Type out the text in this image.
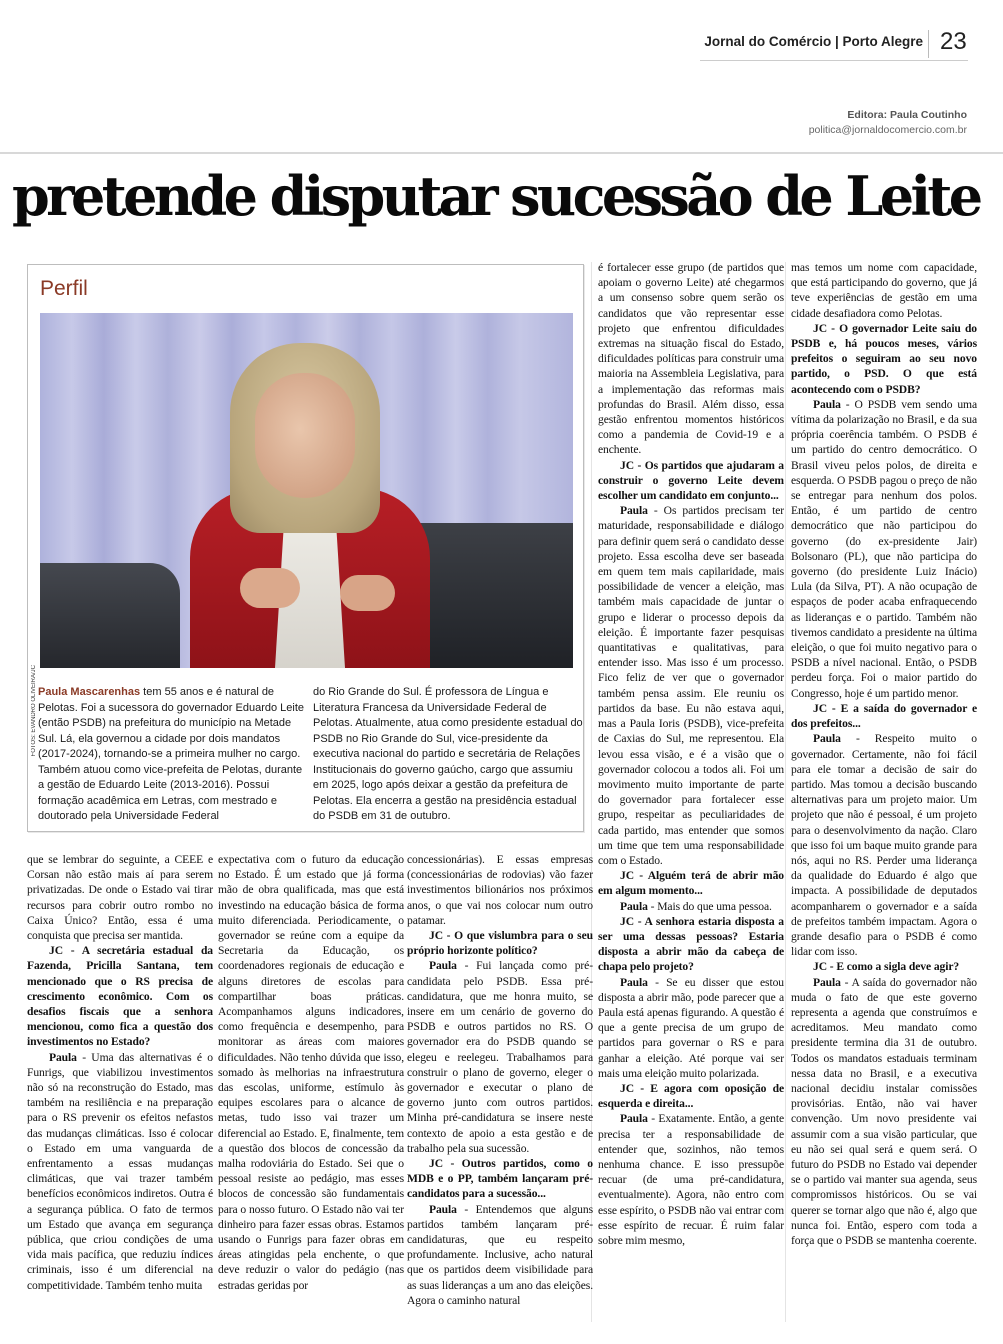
Jornal do Comércio | Porto Alegre 23
Editora: Paula Coutinho
politica@jornaldocomercio.com.br
pretende disputar sucessão de Leite
Perfil
FOTOS: EVANDRO OLIVEIRA/JC Paula Mascarenhas tem 55 anos e é natural de Pelotas. Foi a sucessora do governador Eduardo Leite (então PSDB) na prefeitura do município na Metade Sul. Lá, ela governou a cidade por dois mandatos (2017-2024), tornando-se a primeira mulher no cargo. Também atuou como vice-prefeita de Pelotas, durante a gestão de Eduardo Leite (2013-2016). Possui formação acadêmica em Letras, com mestrado e doutorado pela Universidade Federal

do Rio Grande do Sul. É professora de Língua e Literatura Francesa da Universidade Federal de Pelotas. Atualmente, atua como presidente estadual do PSDB no Rio Grande do Sul, vice-presidente da executiva nacional do partido e secretária de Relações Institucionais do governo gaúcho, cargo que assumiu em 2025, logo após deixar a gestão da prefeitura de Pelotas. Ela encerra a gestão na presidência estadual do PSDB em 31 de outubro.

que se lembrar do seguinte, a CEEE e Corsan não estão mais aí para serem privatizadas. De onde o Estado vai tirar recursos para cobrir outro rombo no Caixa Único? Então, essa é uma conquista que precisa ser mantida.

JC - A secretária estadual da Fazenda, Pricilla Santana, tem mencionado que o RS precisa de crescimento econômico. Com os desafios fiscais que a senhora mencionou, como fica a questão dos investimentos no Estado?

Paula - Uma das alternativas é o Funrigs, que viabilizou investimentos não só na reconstrução do Estado, mas também na resiliência e na preparação para o RS prevenir os efeitos nefastos das mudanças climáticas. Isso é colocar o Estado em uma vanguarda de enfrentamento a essas mudanças climáticas, que vai trazer também benefícios econômicos indiretos. Outra é a segurança pública. O fato de termos um Estado que avança em segurança pública, que criou condições de uma vida mais pacífica, que reduziu índices criminais, isso é um diferencial na competitividade. Também tenho muita

expectativa com o futuro da educação no Estado. É um estado que já forma mão de obra qualificada, mas que está investindo na educação básica de forma muito diferenciada. Periodicamente, o governador se reúne com a equipe da Secretaria da Educação, os coordenadores regionais de educação e alguns diretores de escolas para compartilhar boas práticas. Acompanhamos alguns indicadores, como frequência e desempenho, para monitorar as áreas com maiores dificuldades. Não tenho dúvida que isso, somado às melhorias na infraestrutura das escolas, uniforme, estímulo às equipes escolares para o alcance de metas, tudo isso vai trazer um diferencial ao Estado. E, finalmente, tem a questão dos blocos de concessão da malha rodoviária do Estado. Sei que o pessoal resiste ao pedágio, mas esses blocos de concessão são fundamentais para o nosso futuro. O Estado não vai ter dinheiro para fazer essas obras. Estamos usando o Funrigs para fazer obras em áreas atingidas pela enchente, o que deve reduzir o valor do pedágio (nas estradas geridas por

concessionárias). E essas empresas (concessionárias de rodovias) vão fazer investimentos bilionários nos próximos anos, o que vai nos colocar num outro patamar.

JC - O que vislumbra para o seu próprio horizonte político?

Paula - Fui lançada como pré-candidata pelo PSDB. Essa pré-candidatura, que me honra muito, se insere em um cenário de governo do PSDB e outros partidos no RS. O governador era do PSDB quando se elegeu e reelegeu. Trabalhamos para construir o plano de governo, eleger o governador e executar o plano de governo junto com outros partidos. Minha pré-candidatura se insere neste contexto de apoio a esta gestão e de trabalho pela sua sucessão.

JC - Outros partidos, como o MDB e o PP, também lançaram pré-candidatos para a sucessão...

Paula - Entendemos que alguns partidos também lançaram pré-candidaturas, que eu respeito profundamente. Inclusive, acho natural que os partidos deem visibilidade para as suas lideranças a um ano das eleições. Agora o caminho natural

é fortalecer esse grupo (de partidos que apoiam o governo Leite) até chegarmos a um consenso sobre quem serão os candidatos que vão representar esse projeto que enfrentou dificuldades extremas na situação fiscal do Estado, dificuldades políticas para construir uma maioria na Assembleia Legislativa, para a implementação das reformas mais profundas do Brasil. Além disso, essa gestão enfrentou momentos históricos como a pandemia de Covid-19 e a enchente.

JC - Os partidos que ajudaram a construir o governo Leite devem escolher um candidato em conjunto...

Paula - Os partidos precisam ter maturidade, responsabilidade e diálogo para definir quem será o candidato desse projeto. Essa escolha deve ser baseada em quem tem mais capilaridade, mais possibilidade de vencer a eleição, mas também mais capacidade de juntar o grupo e liderar o processo depois da eleição. É importante fazer pesquisas quantitativas e qualitativas, para entender isso. Mas isso é um processo. Fico feliz de ver que o governador também pensa assim. Ele reuniu os partidos da base. Eu não estava aqui, mas a Paula Ioris (PSDB), vice-prefeita de Caxias do Sul, me representou. Ela levou essa visão, e é a visão que o governador colocou a todos ali. Foi um movimento muito importante de parte do governador para fortalecer esse grupo, respeitar as peculiaridades de cada partido, mas entender que somos um time que tem uma responsabilidade com o Estado.

JC - Alguém terá de abrir mão em algum momento...

Paula - Mais do que uma pessoa.

JC - A senhora estaria disposta a ser uma dessas pessoas? Estaria disposta a abrir mão da cabeça de chapa pelo projeto?

Paula - Se eu disser que estou disposta a abrir mão, pode parecer que a Paula está apenas figurando. A questão é que a gente precisa de um grupo de partidos para governar o RS e para ganhar a eleição. Até porque vai ser mais uma eleição muito polarizada.

JC - E agora com oposição de esquerda e direita...

Paula - Exatamente. Então, a gente precisa ter a responsabilidade de entender que, sozinhos, não temos nenhuma chance. E isso pressupõe recuar (de uma pré-candidatura, eventualmente). Agora, não entro com esse espírito, o PSDB não vai entrar com esse espírito de recuar. É ruim falar sobre mim mesmo,

mas temos um nome com capacidade, que está participando do governo, que já teve experiências de gestão em uma cidade desafiadora como Pelotas.

JC - O governador Leite saiu do PSDB e, há poucos meses, vários prefeitos o seguiram ao seu novo partido, o PSD. O que está acontecendo com o PSDB?

Paula - O PSDB vem sendo uma vítima da polarização no Brasil, e da sua própria coerência também. O PSDB é um partido do centro democrático. O Brasil viveu pelos polos, de direita e esquerda. O PSDB pagou o preço de não se entregar para nenhum dos polos. Então, é um partido de centro democrático que não participou do governo (do ex-presidente Jair) Bolsonaro (PL), que não participa do governo (do presidente Luiz Inácio) Lula (da Silva, PT). A não ocupação de espaços de poder acaba enfraquecendo as lideranças e o partido. Também não tivemos candidato a presidente na última eleição, o que foi muito negativo para o PSDB a nível nacional. Então, o PSDB perdeu força. Foi o maior partido do Congresso, hoje é um partido menor.

JC - E a saída do governador e dos prefeitos...

Paula - Respeito muito o governador. Certamente, não foi fácil para ele tomar a decisão de sair do partido. Mas tomou a decisão buscando alternativas para um projeto maior. Um projeto que não é pessoal, é um projeto para o desenvolvimento da nação. Claro que isso foi um baque muito grande para nós, aqui no RS. Perder uma liderança da qualidade do Eduardo é algo que impacta. A possibilidade de deputados acompanharem o governador e a saída de prefeitos também impactam. Agora o grande desafio para o PSDB é como lidar com isso.

JC - E como a sigla deve agir?

Paula - A saída do governador não muda o fato de que este governo representa a agenda que construímos e acreditamos. Meu mandato como presidente termina dia 31 de outubro. Todos os mandatos estaduais terminam nessa data no Brasil, e a executiva nacional decidiu instalar comissões provisórias. Então, não vai haver convenção. Um novo presidente vai assumir com a sua visão particular, que eu não sei qual será e quem será. O futuro do PSDB no Estado vai depender se o partido vai manter sua agenda, seus compromissos históricos. Ou se vai querer se tornar algo que não é, algo que nunca foi. Então, espero com toda a força que o PSDB se mantenha coerente.
